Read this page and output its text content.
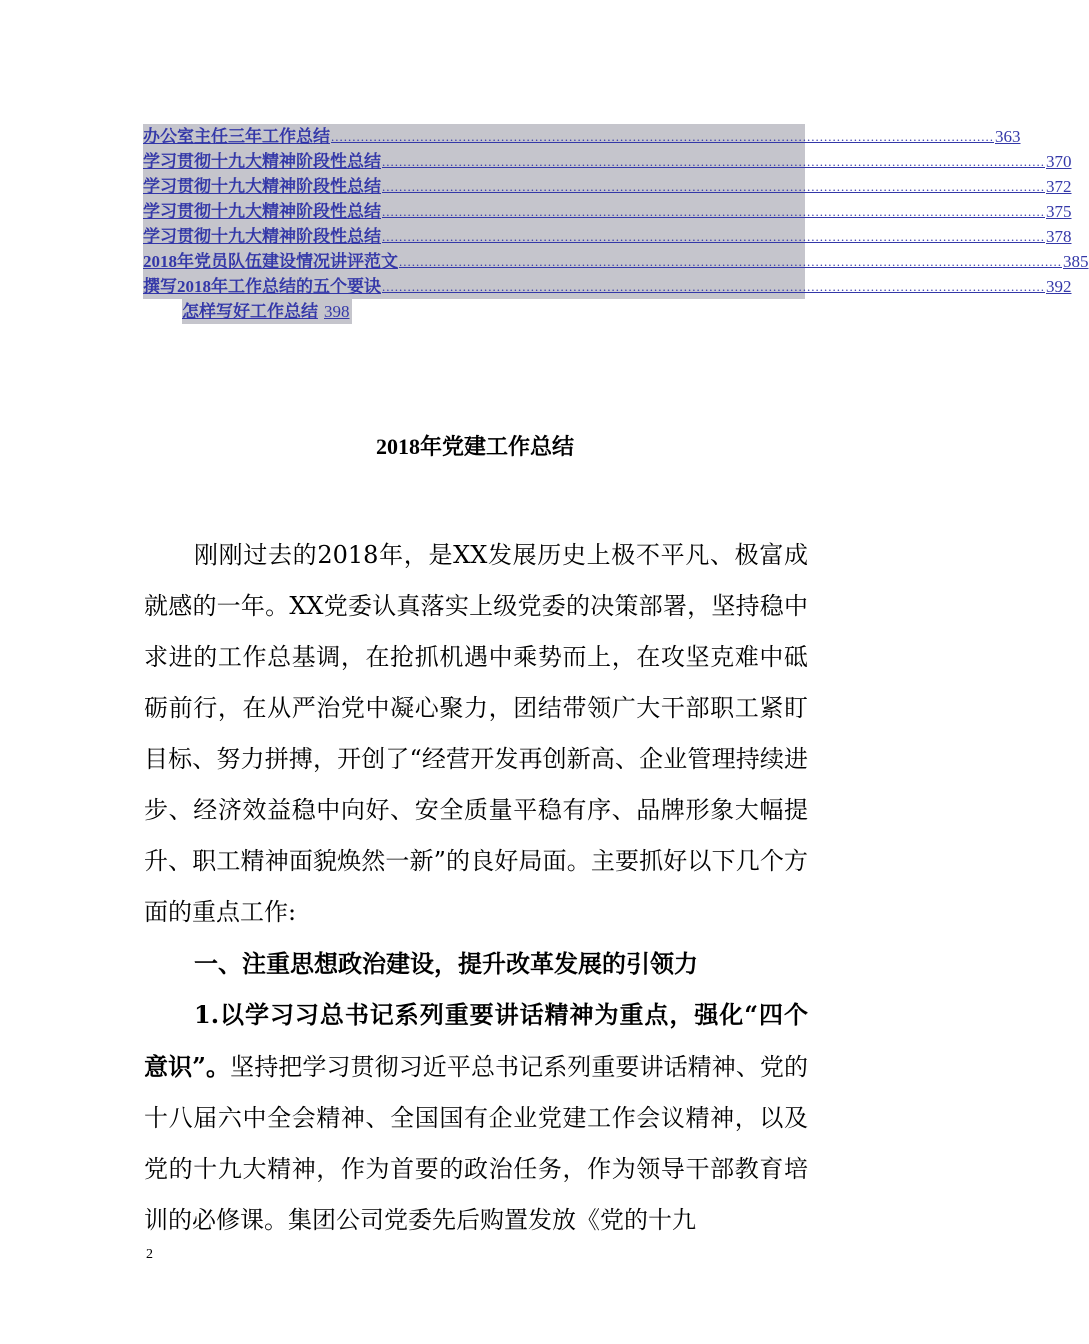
办公室主任三年工作总结 ............................................................................................................................................................ 363
学习贯彻十九大精神阶段性总结 ............................................................................................................................................................ 370
学习贯彻十九大精神阶段性总结 ............................................................................................................................................................ 372
学习贯彻十九大精神阶段性总结 ............................................................................................................................................................ 375
学习贯彻十九大精神阶段性总结 ............................................................................................................................................................ 378
2018年党员队伍建设情况讲评范文 ............................................................................................................................................................ 385
撰写2018年工作总结的五个要诀 ............................................................................................................................................................ 392
怎样写好工作总结 398
2018年党建工作总结

刚刚过去的2018年，是XX发展历史上极不平凡、极富成就感的一年。XX党委认真落实上级党委的决策部署，坚持稳中求进的工作总基调，在抢抓机遇中乘势而上，在攻坚克难中砥砺前行，在从严治党中凝心聚力，团结带领广大干部职工紧盯目标、努力拼搏，开创了“经营开发再创新高、企业管理持续进步、经济效益稳中向好、安全质量平稳有序、品牌形象大幅提升、职工精神面貌焕然一新”的良好局面。主要抓好以下几个方面的重点工作:

一、注重思想政治建设，提升改革发展的引领力

1.以学习习总书记系列重要讲话精神为重点，强化“四个意识”。坚持把学习贯彻习近平总书记系列重要讲话精神、党的十八届六中全会精神、全国国有企业党建工作会议精神，以及党的十九大精神，作为首要的政治任务，作为领导干部教育培训的必修课。集团公司党委先后购置发放《党的十九

2
